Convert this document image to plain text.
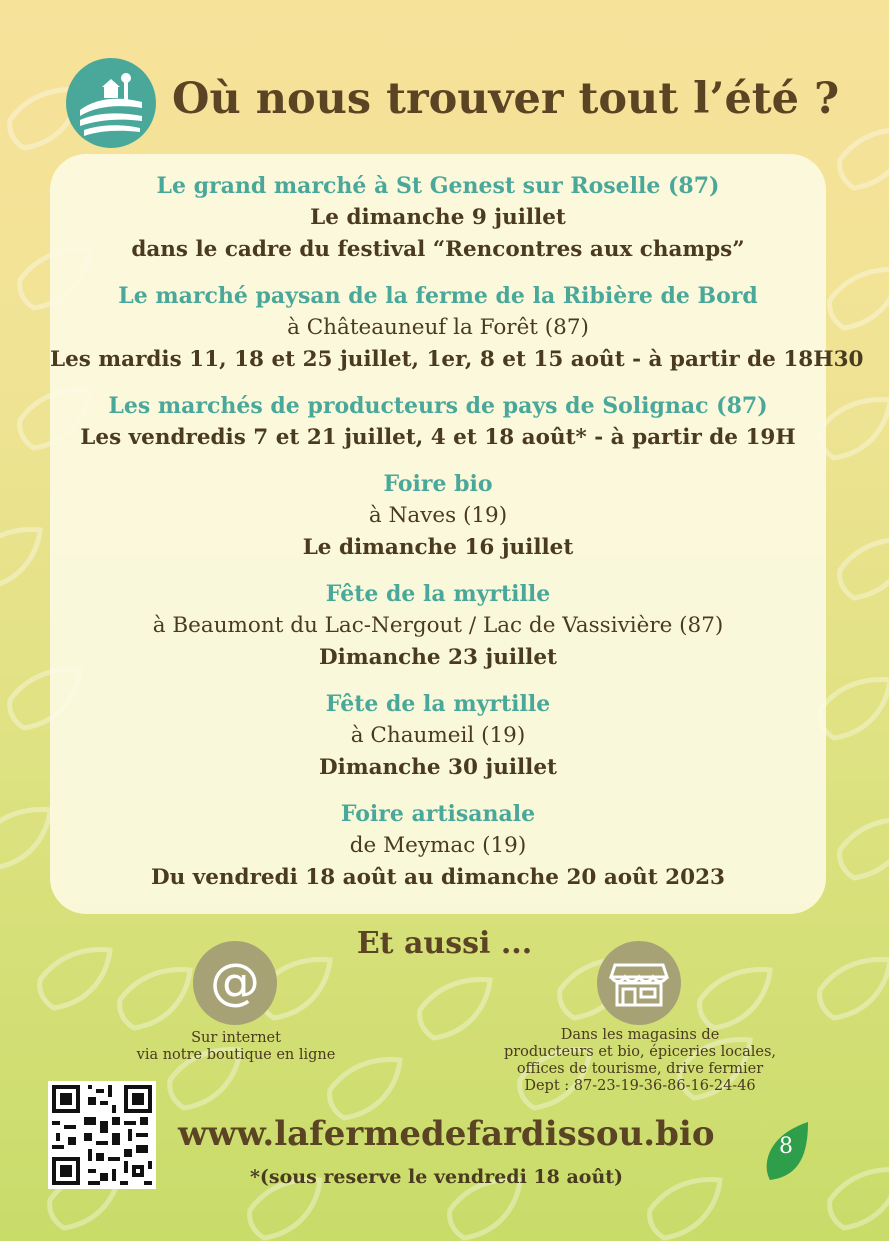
Où nous trouver tout l’été ?
Le grand marché à St Genest sur Roselle (87)
Le dimanche 9 juillet
dans le cadre du festival “Rencontres aux champs”
Le marché paysan de la ferme de la Ribière de Bord
à Châteauneuf la Forêt (87)
Les mardis 11, 18 et 25 juillet, 1er, 8 et 15 août - à partir de 18H30
Les marchés de producteurs de pays de Solignac (87)
Les vendredis 7 et 21 juillet, 4 et 18 août* - à partir de 19H
Foire bio
à Naves (19)
Le dimanche 16 juillet
Fête de la myrtille
à Beaumont du Lac-Nergout / Lac de Vassivière (87)
Dimanche 23 juillet
Fête de la myrtille
à Chaumeil (19)
Dimanche 30 juillet
Foire artisanale
de Meymac (19)
Du vendredi 18 août au dimanche 20 août 2023
Et aussi ...
@
Sur internet
via notre boutique en ligne
Dans les magasins de
producteurs et bio, épiceries locales,
offices de tourisme, drive fermier
Dept : 87-23-19-36-86-16-24-46
www.lafermedefardissou.bio
*(sous reserve le vendredi 18 août)
8
